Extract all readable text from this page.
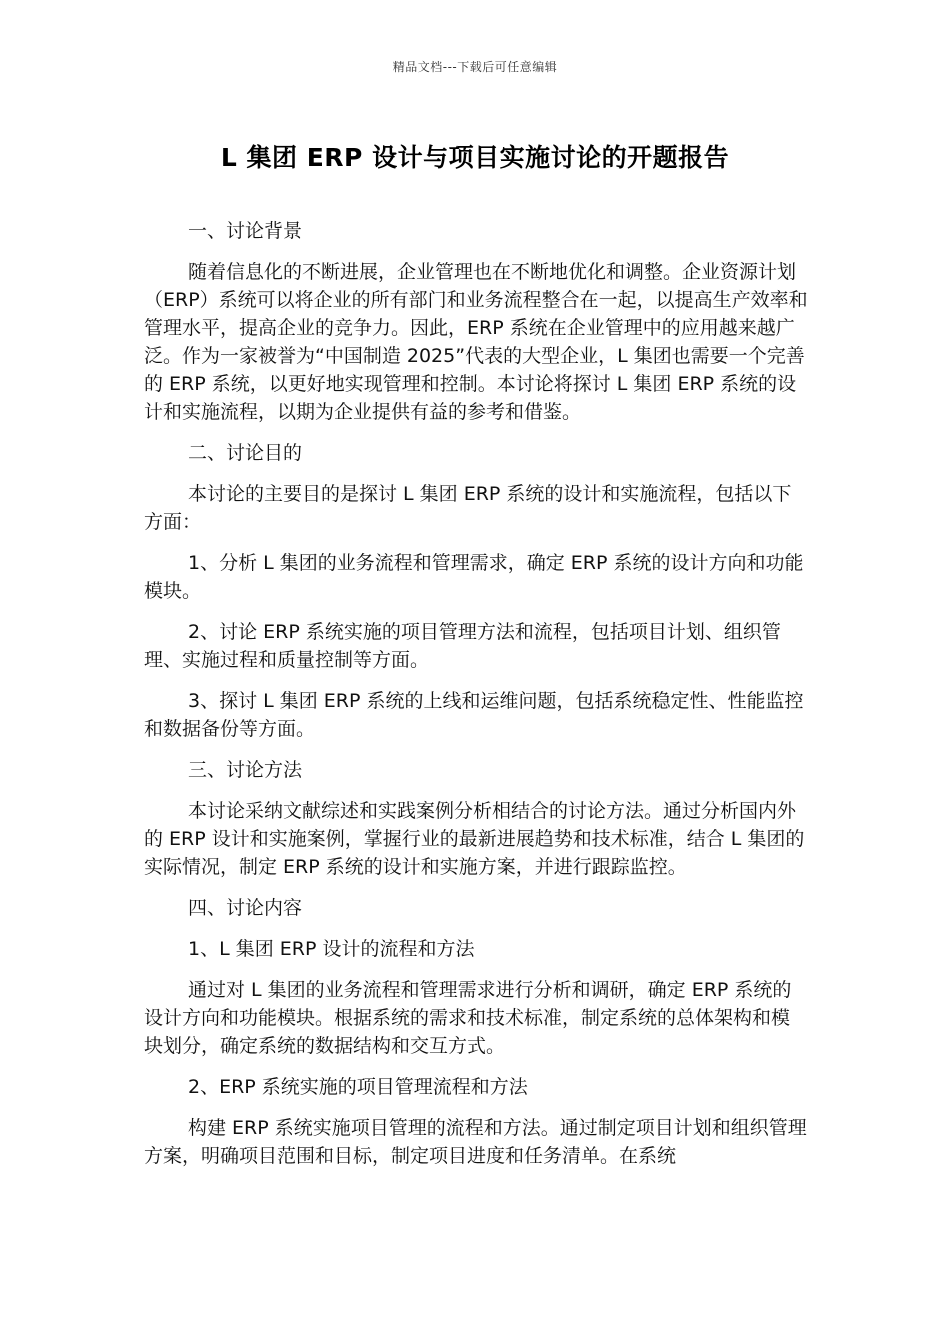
精品文档---下载后可任意编辑
L 集团 ERP 设计与项目实施讨论的开题报告
一、讨论背景

随着信息化的不断进展，企业管理也在不断地优化和调整。企业资源计划（ERP）系统可以将企业的所有部门和业务流程整合在一起，以提高生产效率和管理水平，提高企业的竞争力。因此，ERP 系统在企业管理中的应用越来越广泛。作为一家被誉为“中国制造 2025”代表的大型企业，L 集团也需要一个完善的 ERP 系统，以更好地实现管理和控制。本讨论将探讨 L 集团 ERP 系统的设计和实施流程，以期为企业提供有益的参考和借鉴。

二、讨论目的

本讨论的主要目的是探讨 L 集团 ERP 系统的设计和实施流程，包括以下方面：

1、分析 L 集团的业务流程和管理需求，确定 ERP 系统的设计方向和功能模块。

2、讨论 ERP 系统实施的项目管理方法和流程，包括项目计划、组织管理、实施过程和质量控制等方面。

3、探讨 L 集团 ERP 系统的上线和运维问题，包括系统稳定性、性能监控和数据备份等方面。

三、讨论方法

本讨论采纳文献综述和实践案例分析相结合的讨论方法。通过分析国内外的 ERP 设计和实施案例，掌握行业的最新进展趋势和技术标准，结合 L 集团的实际情况，制定 ERP 系统的设计和实施方案，并进行跟踪监控。

四、讨论内容
1、L 集团 ERP 设计的流程和方法

通过对 L 集团的业务流程和管理需求进行分析和调研，确定 ERP 系统的设计方向和功能模块。根据系统的需求和技术标准，制定系统的总体架构和模块划分，确定系统的数据结构和交互方式。

2、ERP 系统实施的项目管理流程和方法

构建 ERP 系统实施项目管理的流程和方法。通过制定项目计划和组织管理方案，明确项目范围和目标，制定项目进度和任务清单。在系统
